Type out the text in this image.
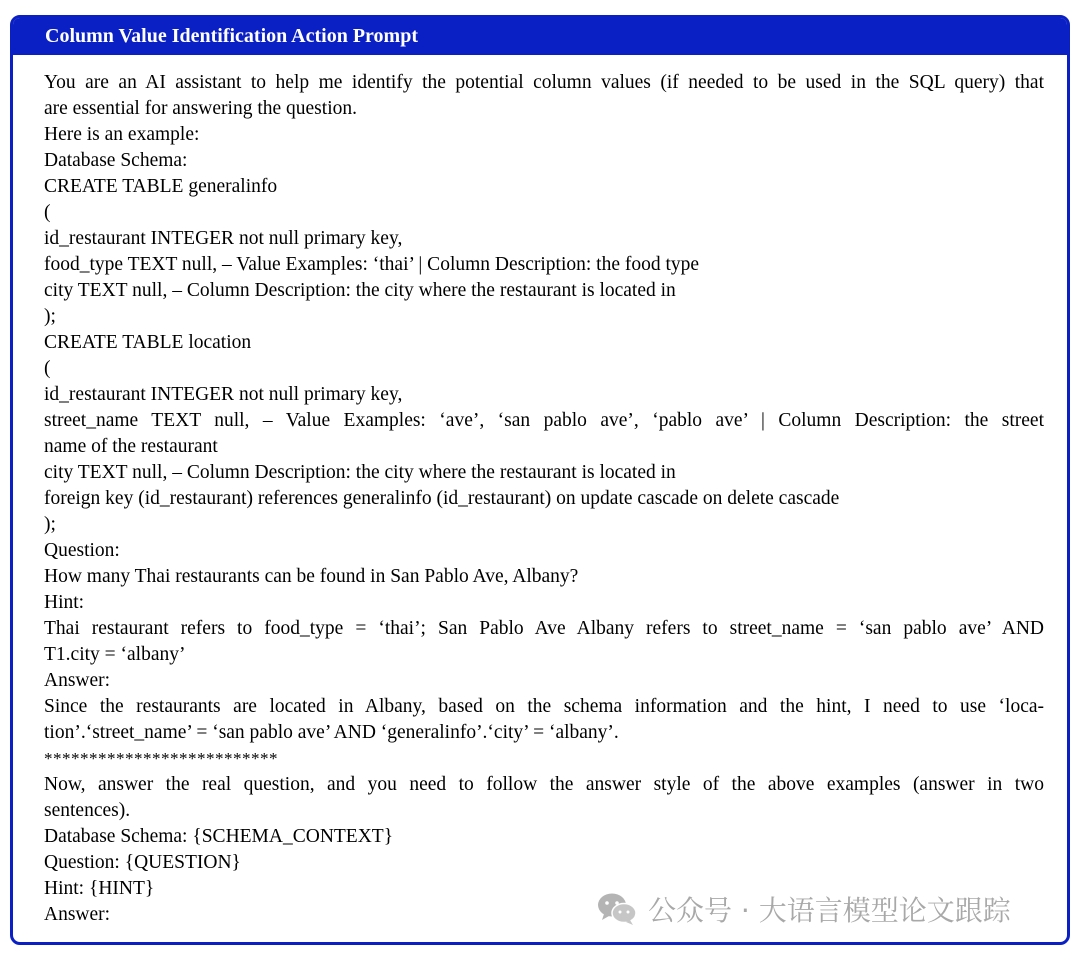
Column Value Identification Action Prompt
You are an AI assistant to help me identify the potential column values (if needed to be used in the SQL query) that
are essential for answering the question.
Here is an example:
Database Schema:
CREATE TABLE generalinfo
(
id_restaurant INTEGER not null primary key,
food_type TEXT null, – Value Examples: ‘thai’ | Column Description: the food type
city TEXT null, – Column Description: the city where the restaurant is located in
);
CREATE TABLE location
(
id_restaurant INTEGER not null primary key,
street_name TEXT null, – Value Examples: ‘ave’, ‘san pablo ave’, ‘pablo ave’ | Column Description: the street
name of the restaurant
city TEXT null, – Column Description: the city where the restaurant is located in
foreign key (id_restaurant) references generalinfo (id_restaurant) on update cascade on delete cascade
);
Question:
How many Thai restaurants can be found in San Pablo Ave, Albany?
Hint:
Thai restaurant refers to food_type = ‘thai’; San Pablo Ave Albany refers to street_name = ‘san pablo ave’ AND
T1.city = ‘albany’
Answer:
Since the restaurants are located in Albany, based on the schema information and the hint, I need to use ‘loca-
tion’.‘street_name’ = ‘san pablo ave’ AND ‘generalinfo’.‘city’ = ‘albany’.
**************************
Now, answer the real question, and you need to follow the answer style of the above examples (answer in two
sentences).
Database Schema: {SCHEMA_CONTEXT}
Question: {QUESTION}
Hint: {HINT}
Answer:	公众号 · 大语言模型论文跟踪
